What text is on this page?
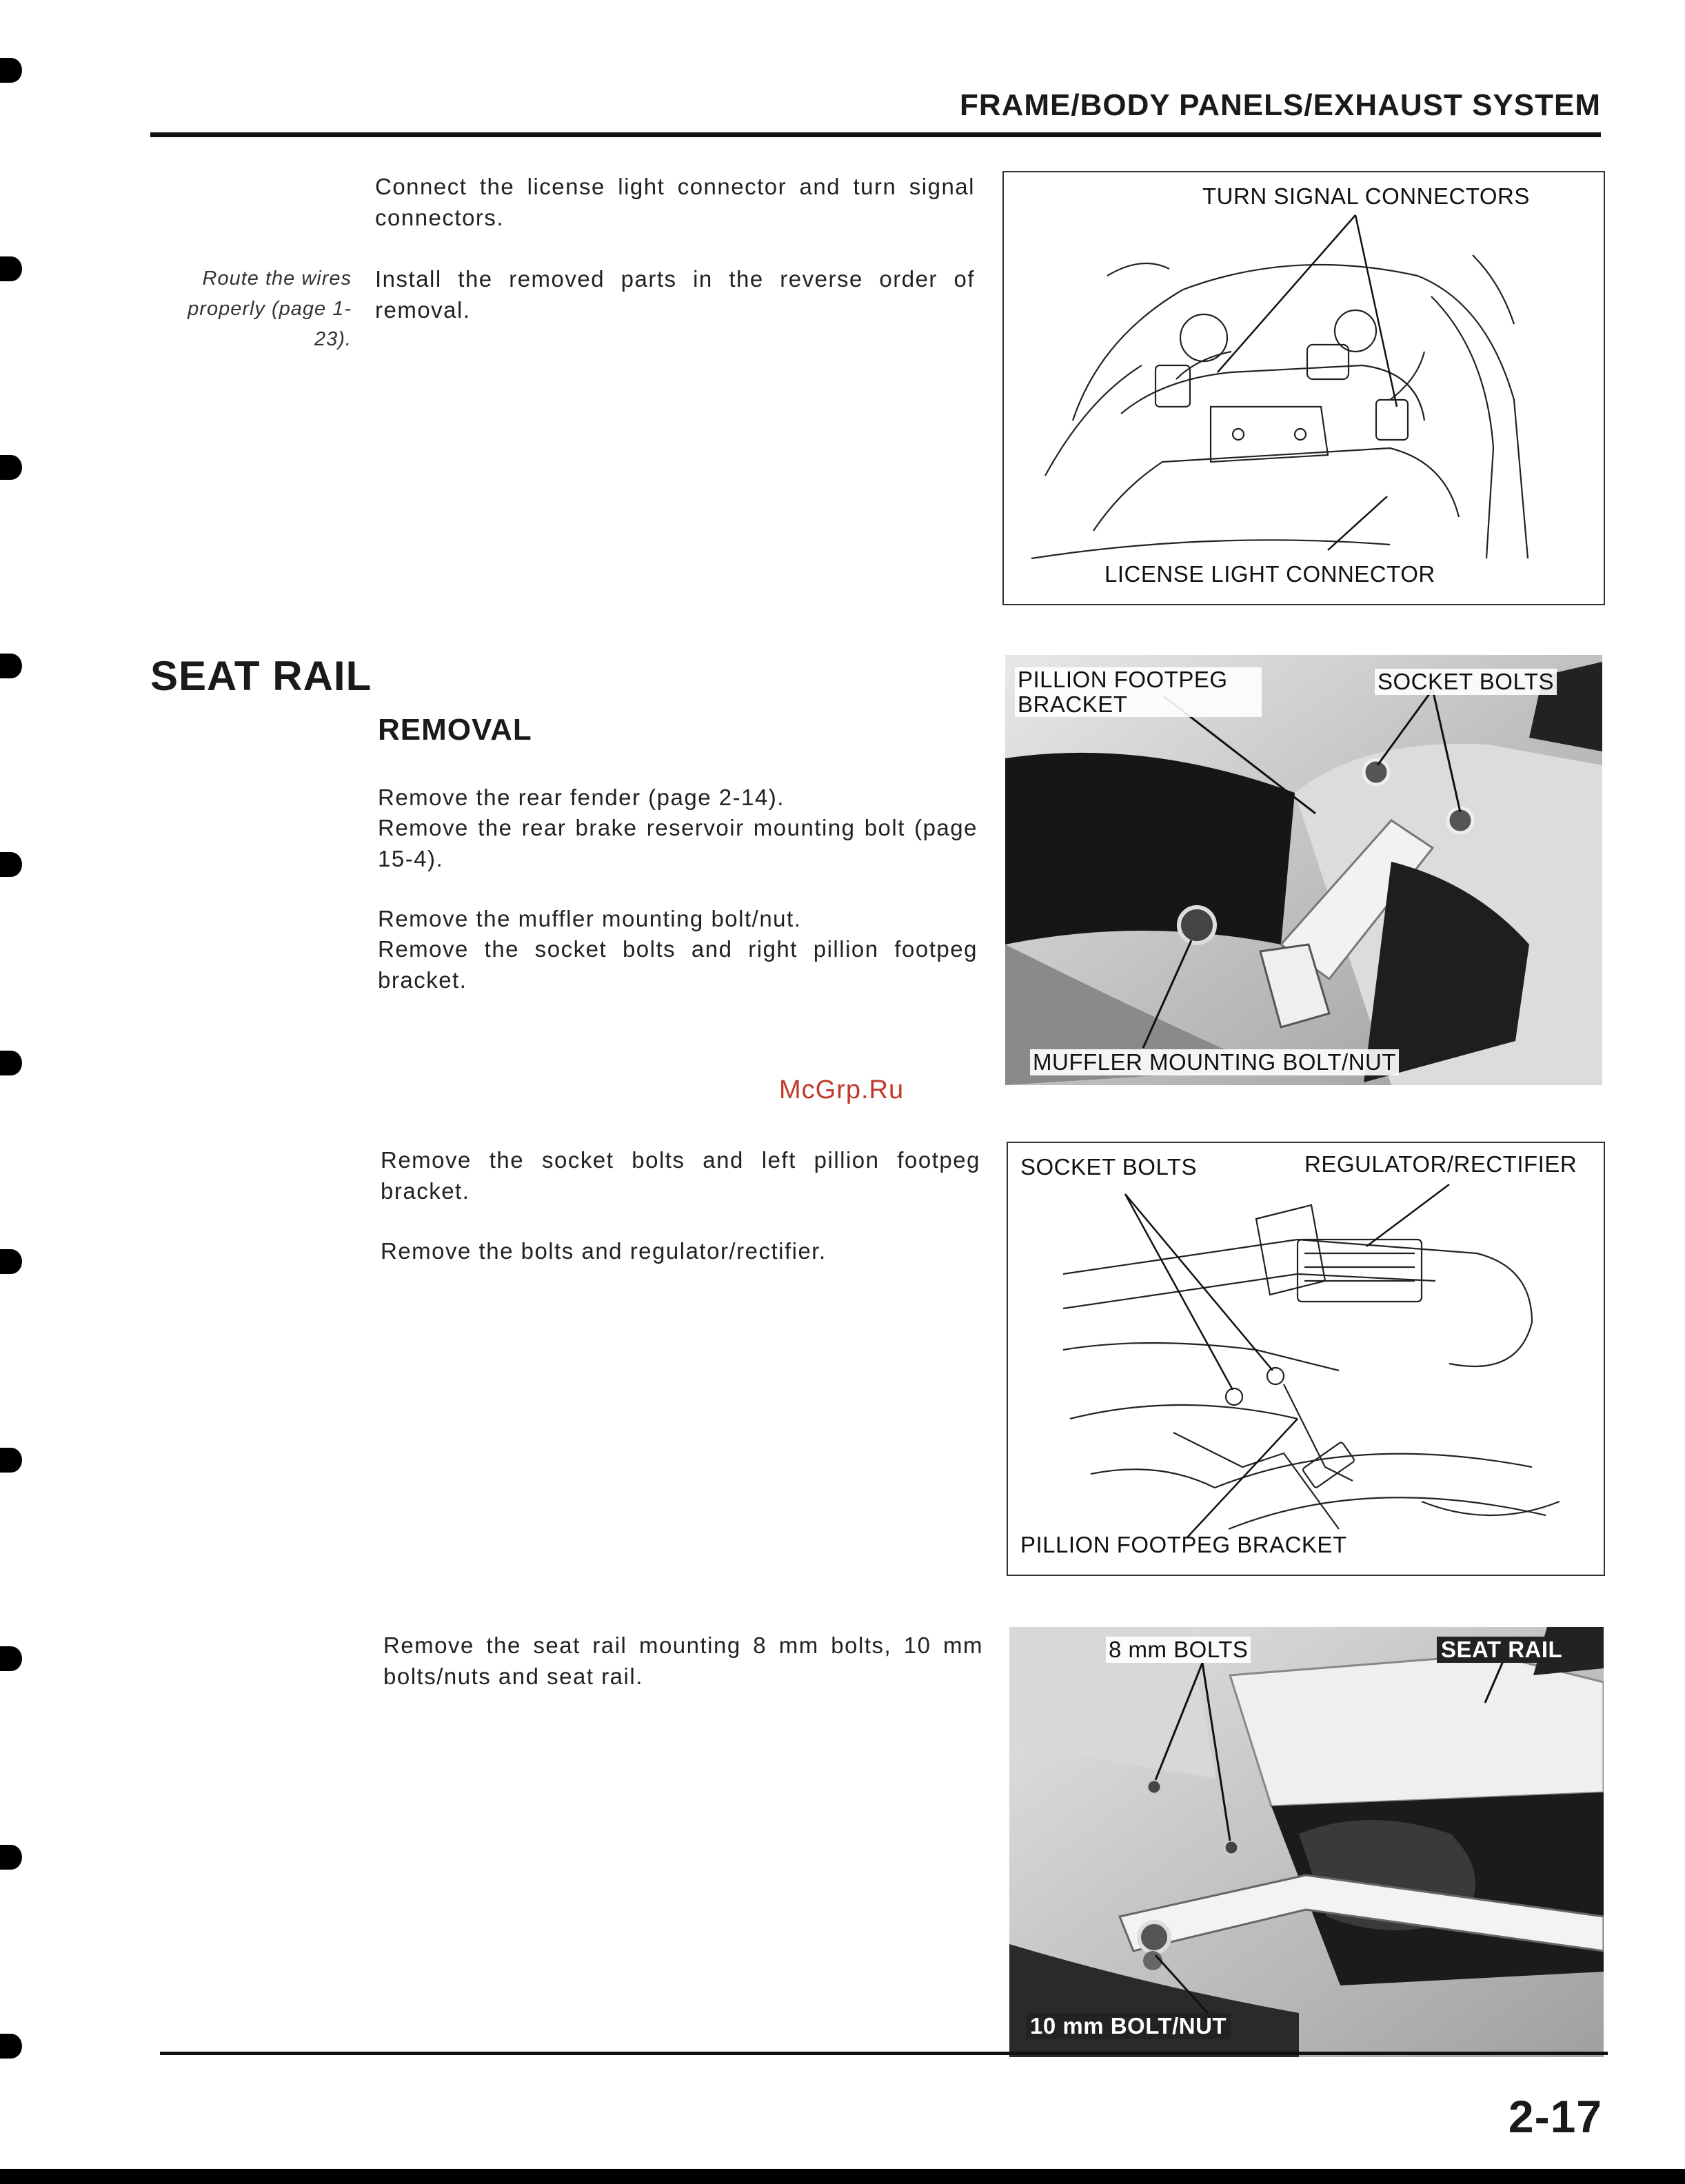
FRAME/BODY PANELS/EXHAUST SYSTEM
Connect the license light connector and turn signal connectors.
Route the wires properly (page 1-23).
Install the removed parts in the reverse order of removal.
TURN SIGNAL CONNECTORS
LICENSE LIGHT CONNECTOR
SEAT RAIL
REMOVAL
Remove the rear fender (page 2-14).
Remove the rear brake reservoir mounting bolt (page 15-4).
Remove the muffler mounting bolt/nut.
Remove the socket bolts and right pillion footpeg bracket.
PILLION FOOTPEG BRACKET
SOCKET BOLTS
MUFFLER MOUNTING BOLT/NUT
McGrp.Ru
Remove the socket bolts and left pillion footpeg bracket.
Remove the bolts and regulator/rectifier.
SOCKET BOLTS	REGULATOR/RECTIFIER
PILLION FOOTPEG BRACKET
Remove the seat rail mounting 8 mm bolts, 10 mm bolts/nuts and seat rail.
8 mm BOLTS	SEAT RAIL
10 mm BOLT/NUT
2-17
